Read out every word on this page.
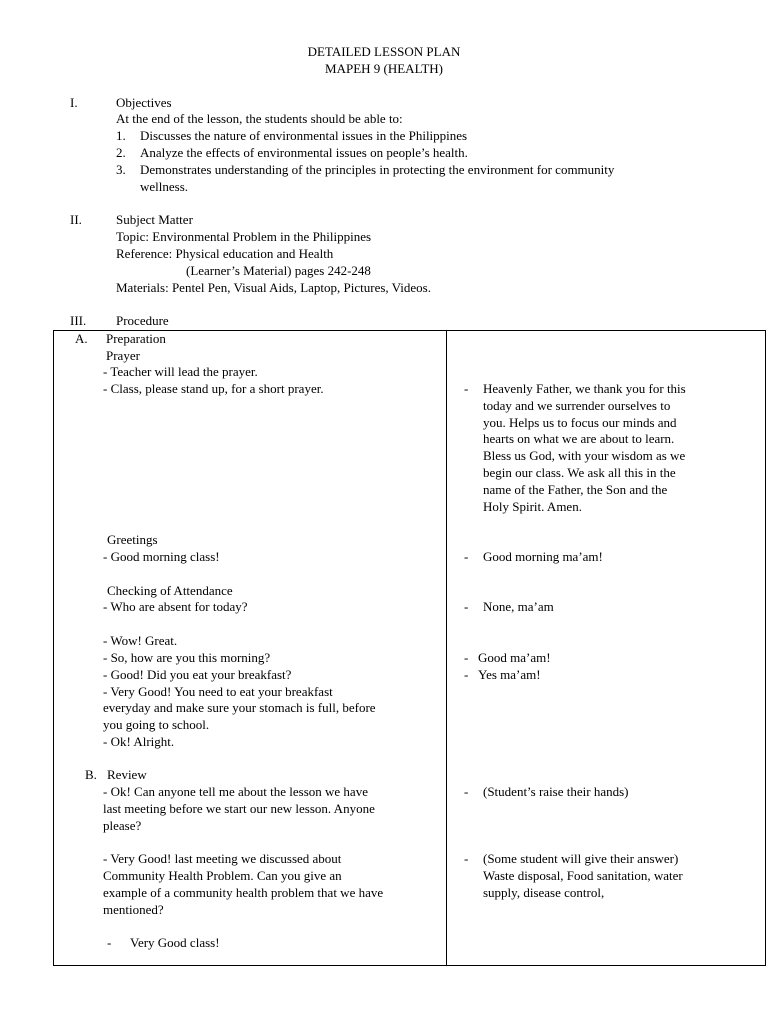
DETAILED LESSON PLAN
MAPEH 9 (HEALTH)
I.	Objectives
At the end of the lesson, the students should be able to:
1. Discusses the nature of environmental issues in the Philippines
2. Analyze the effects of environmental issues on people’s health.
3. Demonstrates understanding of the principles in protecting the environment for community
wellness.
II.	Subject Matter
Topic: Environmental Problem in the Philippines
Reference: Physical education and Health
(Learner’s Material) pages 242-248
Materials: Pentel Pen, Visual Aids, Laptop, Pictures, Videos.
III. Procedure
A. Preparation
Prayer
- Teacher will lead the prayer.
- Class, please stand up, for a short prayer.
Greetings
- Good morning class!
Checking of Attendance
- Who are absent for today?
- Wow! Great.
- So, how are you this morning?
- Good! Did you eat your breakfast?
- Very Good! You need to eat your breakfast
everyday and make sure your stomach is full, before
you going to school.
- Ok! Alright.
B. Review
- Ok! Can anyone tell me about the lesson we have
last meeting before we start our new lesson. Anyone
please?
- Very Good! last meeting we discussed about
Community Health Problem. Can you give an
example of a community health problem that we have
mentioned?
- Very Good class!
- Heavenly Father, we thank you for this
today and we surrender ourselves to
you. Helps us to focus our minds and
hearts on what we are about to learn.
Bless us God, with your wisdom as we
begin our class. We ask all this in the
name of the Father, the Son and the
Holy Spirit. Amen.
- Good morning ma’am!
- None, ma’am
- Good ma’am!
- Yes ma’am!
- (Student’s raise their hands)
- (Some student will give their answer)
Waste disposal, Food sanitation, water
supply, disease control,
